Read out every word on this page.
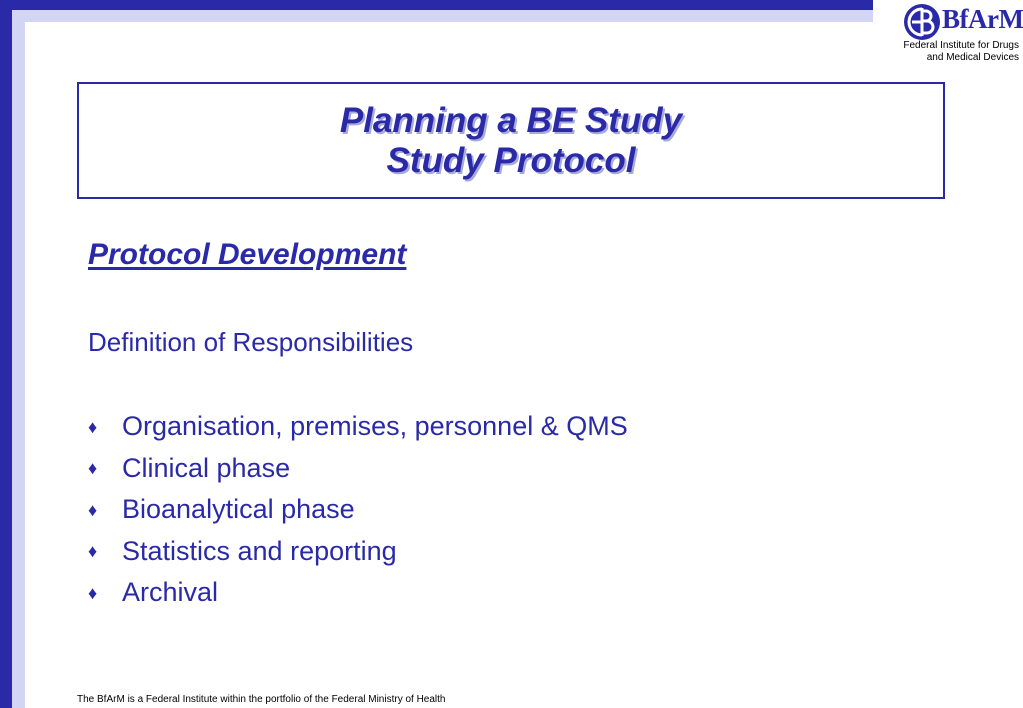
BfArM
Federal Institute for Drugs
and Medical Devices
Planning a BE Study
Study Protocol
Protocol Development
Definition of Responsibilities
♦ Organisation, premises, personnel & QMS
♦ Clinical phase
♦ Bioanalytical phase
♦ Statistics and reporting
♦ Archival
The BfArM is a Federal Institute within the portfolio of the Federal Ministry of Health
